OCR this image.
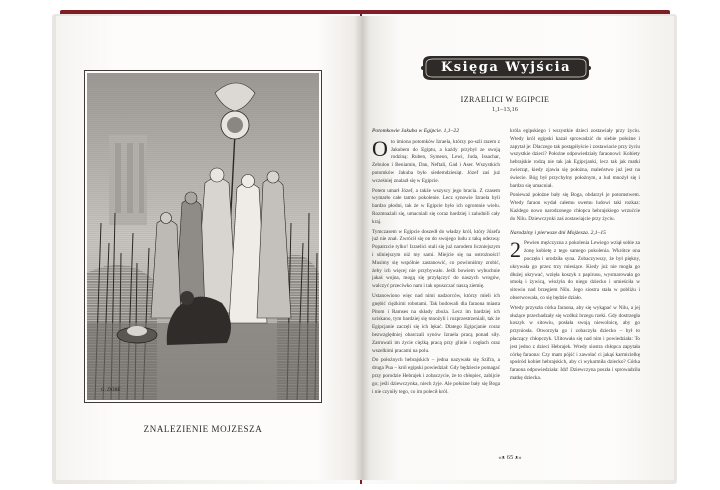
G. DORÉ
ZNALEZIENIE MOJZESZA
Księga Wyjścia
IZRAELICI W EGIPCIE
1,1–13,16
Potomkowie Jakuba w Egipcie. 1,1–22

O to imiona potomków Izraela, którzy po-szli razem z Jakubem do Egiptu, a każdy przybył ze swoją rodziną: Ruben, Symeon, Lewi, Juda, Issachar, Zebulon i Beniamin, Dan, Neftali, Gad i Aser. Wszystkich potomków Jakuba było siedemdziesiąt. Józef zaś już wcześniej znalazł się w Egipcie.

Potem umarł Józef, a także wszyscy jego bracia. Z czasem wymarło całe tamto pokolenie. Lecz synowie Izraela byli bardzo płodni, tak że w Egipcie było ich ogromnie wielu. Rozmnażali się, umacniali się coraz bardziej i zaludnili cały kraj.

Tymczasem w Egipcie doszedł do władzy król, który Józefa już nie znał. Zwrócił się on do swojego ludu z taką odezwą: Popatrzcie tylko! Izraelici stali się już narodem liczniejszym i silniejszym niż my sami. Miejcie się na ostrożności! Musimy się wspólnie zastanowić, co powinniśmy zrobić, żeby ich więcej nie przybywało. Jeśli bowiem wybuchnie jakaś wojna, mogą się przyłączyć do naszych wrogów, walczyć przeciwko nam i tak opuszczać naszą ziemię.

Ustanowiono więc nad nimi nadzorców, którzy mieli ich gnębić ciężkimi robotami. Tak budowali dla faraona miasta Pitom i Ramses na składy zboża. Lecz im bardziej ich uciskano, tym bardziej się mnożyli i rozprzestrzeniali, tak że Egipcjanie zaczęli się ich lękać. Dlatego Egipcjanie coraz bezwzględniej obarczali synów Izraela pracą ponad siły. Zatruwali im życie ciężką pracą przy glinie i cegłach oraz wszelkimi pracami na polu.

Do położnych hebrajskich – jedna nazywała się Szifra, a druga Pua – król egipski powiedział: Gdy będziecie pomagać przy porodzie Hebrajek i zobaczycie, że to chłopiec, zabijcie go; jeśli dziewczynka, niech żyje. Ale położne bały się Boga i nie czyniły tego, co im polecił król.

króla egipskiego i wszystkie dzieci zostawiały przy życiu. Wtedy król egipski kazał sprowadzić do siebie położne i zapytał je: Dlaczego tak postąpiłyście i zostawiacie przy życiu wszystkie dzieci? Położne odpowiedziały faraonowi: Kobiety hebrajskie rodzą nie tak jak Egipcjanki, lecz tak jak matki zwierząt, kiedy zjawia się położna, maleństwo już jest na świecie. Bóg był przychylny położnym, a lud mnożył się i bardzo się umacniał.

Ponieważ położne bały się Boga, obdarzył je potomstwem. Wtedy faraon wydał całemu swemu ludowi taki rozkaz: Każdego nowo narodzonego chłopca hebrajskiego wrzućcie do Nilu. Dziewczynki zaś zostawiajcie przy życiu.

Narodziny i pierwsze dni Mojżesza. 2,1–15

2 Pewien mężczyzna z pokolenia Lewiego wziął sobie za żonę kobietę z tego samego pokolenia. Wkrótce ona poczęła i urodziła syna. Zobaczywszy, że był piękny, ukrywała go przez trzy miesiące. Kiedy już nie mogła go dłużej ukrywać, wzięła koszyk z papirusu, wysmarowała go smołą i żywicą, włożyła do niego dziecko i umieściła w sitowiu nad brzegiem Nilu. Jego siostra stała w pobliżu i obserwowała, co się będzie działo.

Wtedy przyszła córka faraona, aby się wykąpać w Nilu, a jej służące przechadzały się wzdłuż brzegu rzeki. Gdy dostrzegła koszyk w sitowiu, posłała swoją niewolnicę, aby go przyniosła. Otworzyła go i zobaczyła dziecko – był to płaczący chłopczyk. Ulitowała się nad nim i powiedziała: To jest jedno z dzieci Hebrajek. Wtedy siostra chłopca zapytała córkę faraona: Czy mam pójść i zawołać ci jakąś karmicielkę spośród kobiet hebrajskich, aby ci wykarmiła dziecko? Córka faraona odpowiedziała: Idź! Dziewczyna poszła i sprowadziła matkę dziecka.

«ᴥ 65 ᴥ»
